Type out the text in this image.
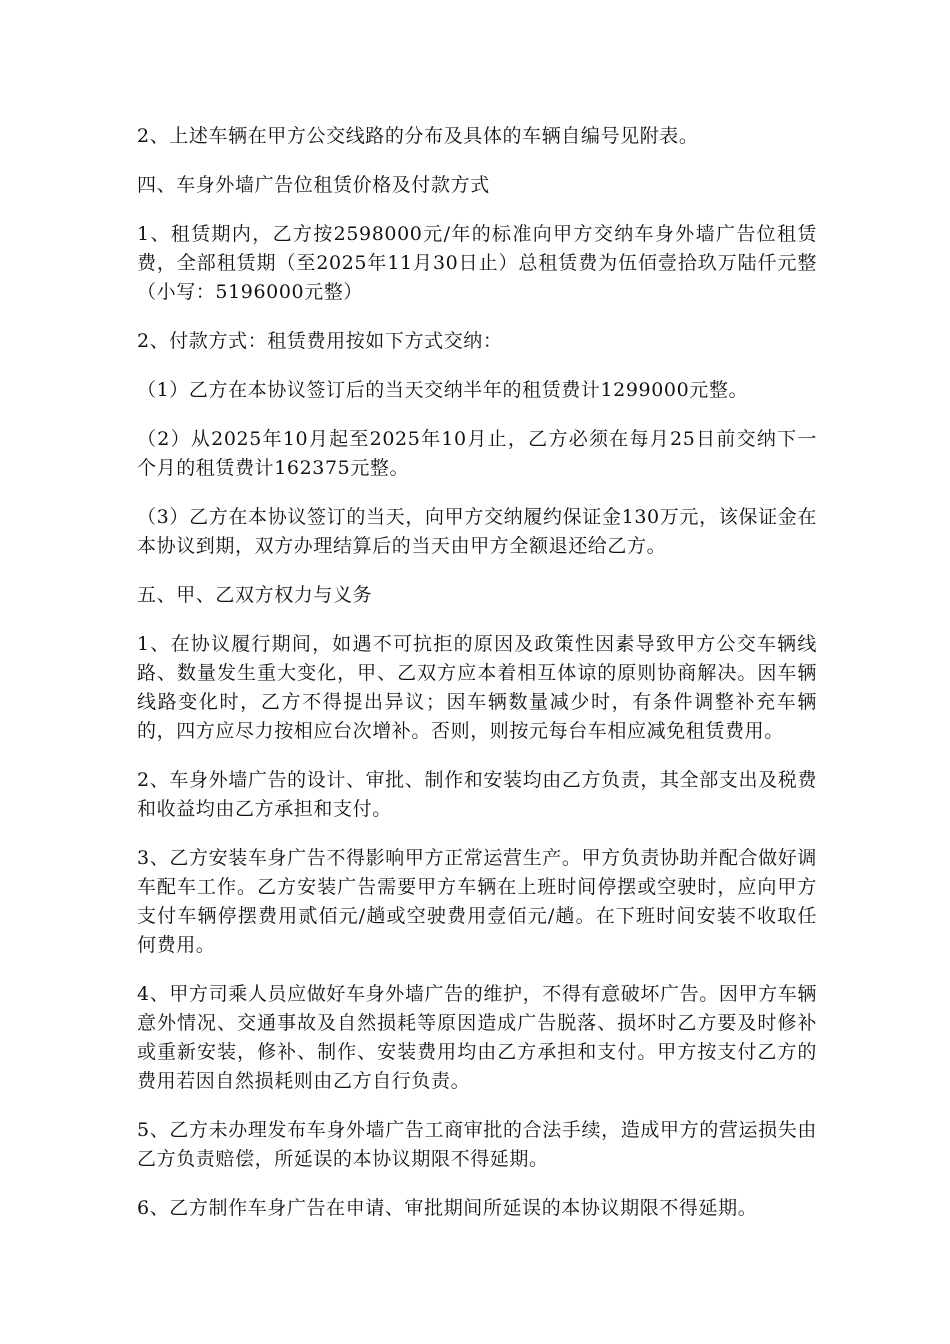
2、上述车辆在甲方公交线路的分布及具体的车辆自编号见附表。

四、车身外墙广告位租赁价格及付款方式

1、租赁期内，乙方按2598000元/年的标准向甲方交纳车身外墙广告位租赁费，全部租赁期（至2025年11月30日止）总租赁费为伍佰壹拾玖万陆仟元整（小写：5196000元整）

2、付款方式：租赁费用按如下方式交纳：

（1）乙方在本协议签订后的当天交纳半年的租赁费计1299000元整。

（2）从2025年10月起至2025年10月止，乙方必须在每月25日前交纳下一个月的租赁费计162375元整。

（3）乙方在本协议签订的当天，向甲方交纳履约保证金130万元，该保证金在本协议到期，双方办理结算后的当天由甲方全额退还给乙方。

五、甲、乙双方权力与义务

1、在协议履行期间，如遇不可抗拒的原因及政策性因素导致甲方公交车辆线路、数量发生重大变化，甲、乙双方应本着相互体谅的原则协商解决。因车辆线路变化时，乙方不得提出异议；因车辆数量减少时，有条件调整补充车辆的，四方应尽力按相应台次增补。否则，则按元每台车相应减免租赁费用。

2、车身外墙广告的设计、审批、制作和安装均由乙方负责，其全部支出及税费和收益均由乙方承担和支付。

3、乙方安装车身广告不得影响甲方正常运营生产。甲方负责协助并配合做好调车配车工作。乙方安装广告需要甲方车辆在上班时间停摆或空驶时，应向甲方支付车辆停摆费用贰佰元/趟或空驶费用壹佰元/趟。在下班时间安装不收取任何费用。

4、甲方司乘人员应做好车身外墙广告的维护，不得有意破坏广告。因甲方车辆意外情况、交通事故及自然损耗等原因造成广告脱落、损坏时乙方要及时修补或重新安装，修补、制作、安装费用均由乙方承担和支付。甲方按支付乙方的费用若因自然损耗则由乙方自行负责。

5、乙方未办理发布车身外墙广告工商审批的合法手续，造成甲方的营运损失由乙方负责赔偿，所延误的本协议期限不得延期。

6、乙方制作车身广告在申请、审批期间所延误的本协议期限不得延期。
